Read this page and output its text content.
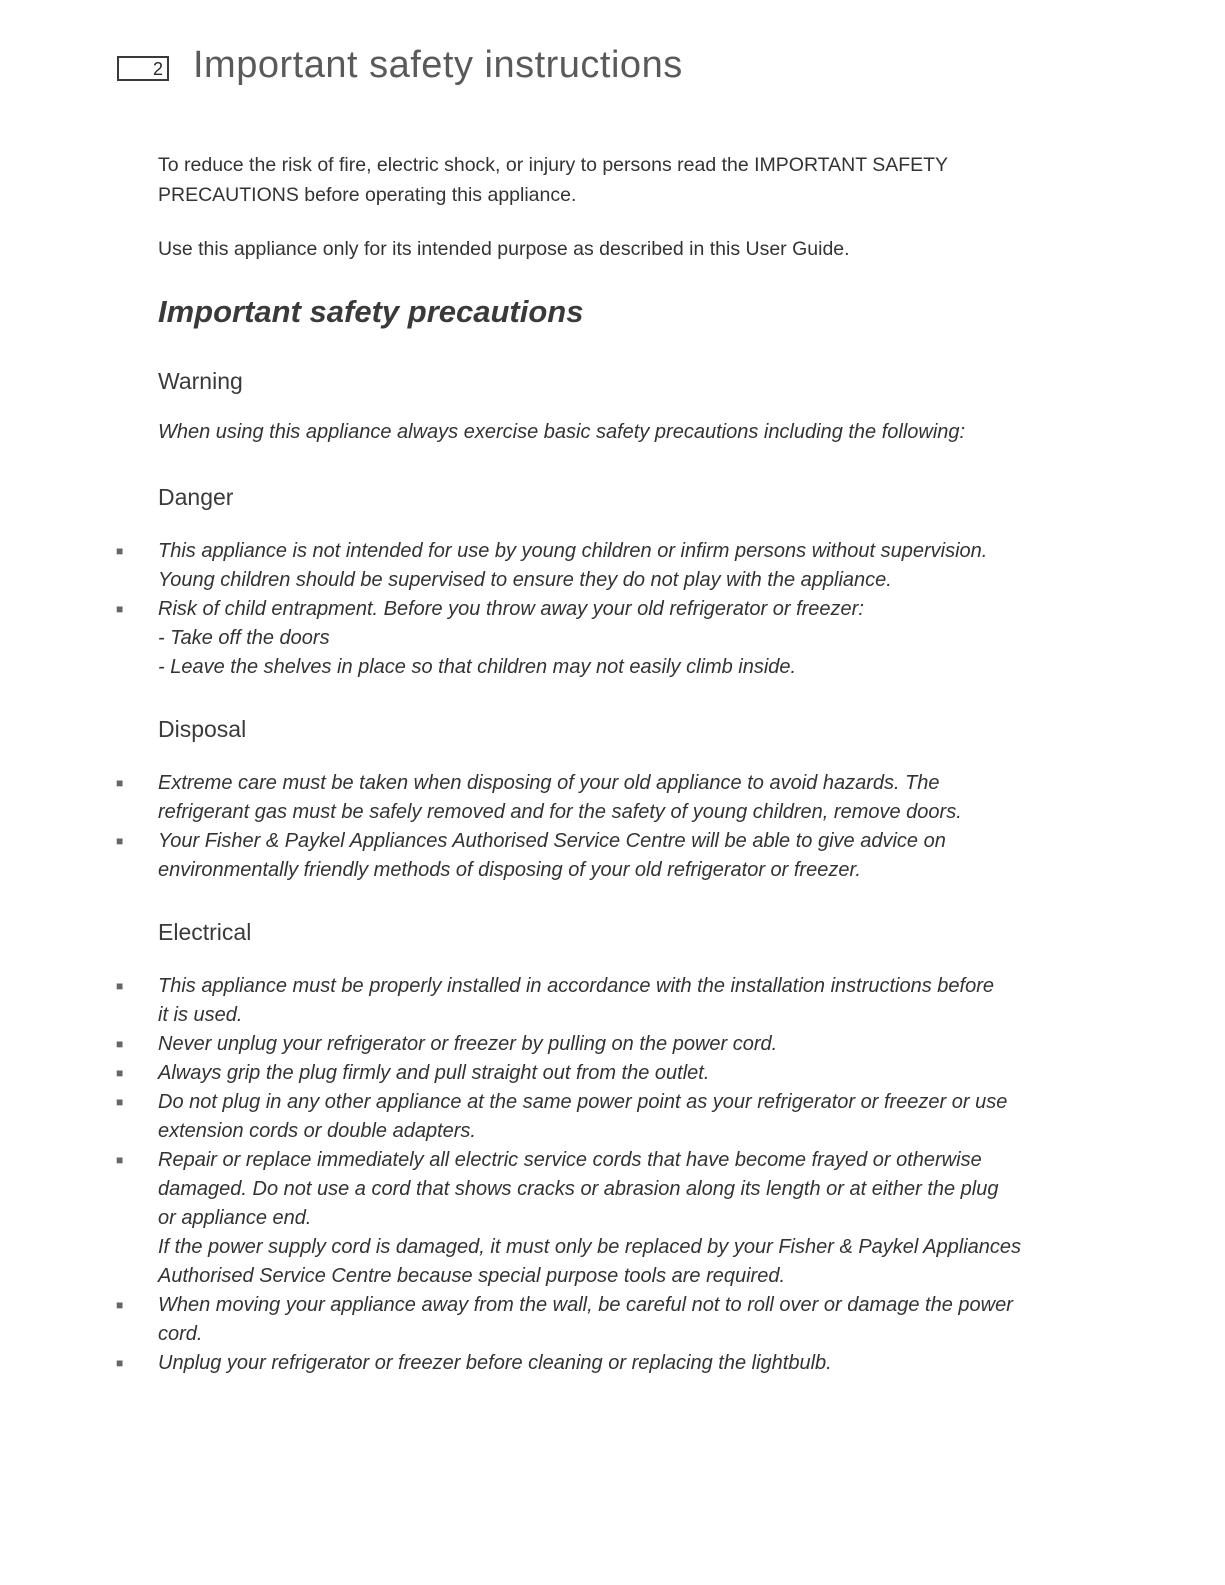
2 Important safety instructions

To reduce the risk of fire, electric shock, or injury to persons read the IMPORTANT SAFETY
PRECAUTIONS before operating this appliance.

Use this appliance only for its intended purpose as described in this User Guide.

Important safety precautions
Warning
When using this appliance always exercise basic safety precautions including the following:
Danger
■ This appliance is not intended for use by young children or infirm persons without supervision.
Young children should be supervised to ensure they do not play with the appliance.
■ Risk of child entrapment. Before you throw away your old refrigerator or freezer:
- Take off the doors
- Leave the shelves in place so that children may not easily climb inside.
Disposal
■ Extreme care must be taken when disposing of your old appliance to avoid hazards. The
refrigerant gas must be safely removed and for the safety of young children, remove doors.
■ Your Fisher & Paykel Appliances Authorised Service Centre will be able to give advice on
environmentally friendly methods of disposing of your old refrigerator or freezer.
Electrical
■ This appliance must be properly installed in accordance with the installation instructions before
it is used.
■ Never unplug your refrigerator or freezer by pulling on the power cord.
■ Always grip the plug firmly and pull straight out from the outlet.
■ Do not plug in any other appliance at the same power point as your refrigerator or freezer or use
extension cords or double adapters.
■ Repair or replace immediately all electric service cords that have become frayed or otherwise
damaged. Do not use a cord that shows cracks or abrasion along its length or at either the plug
or appliance end.
If the power supply cord is damaged, it must only be replaced by your Fisher & Paykel Appliances
Authorised Service Centre because special purpose tools are required.
■ When moving your appliance away from the wall, be careful not to roll over or damage the power
cord.
■ Unplug your refrigerator or freezer before cleaning or replacing the lightbulb.
